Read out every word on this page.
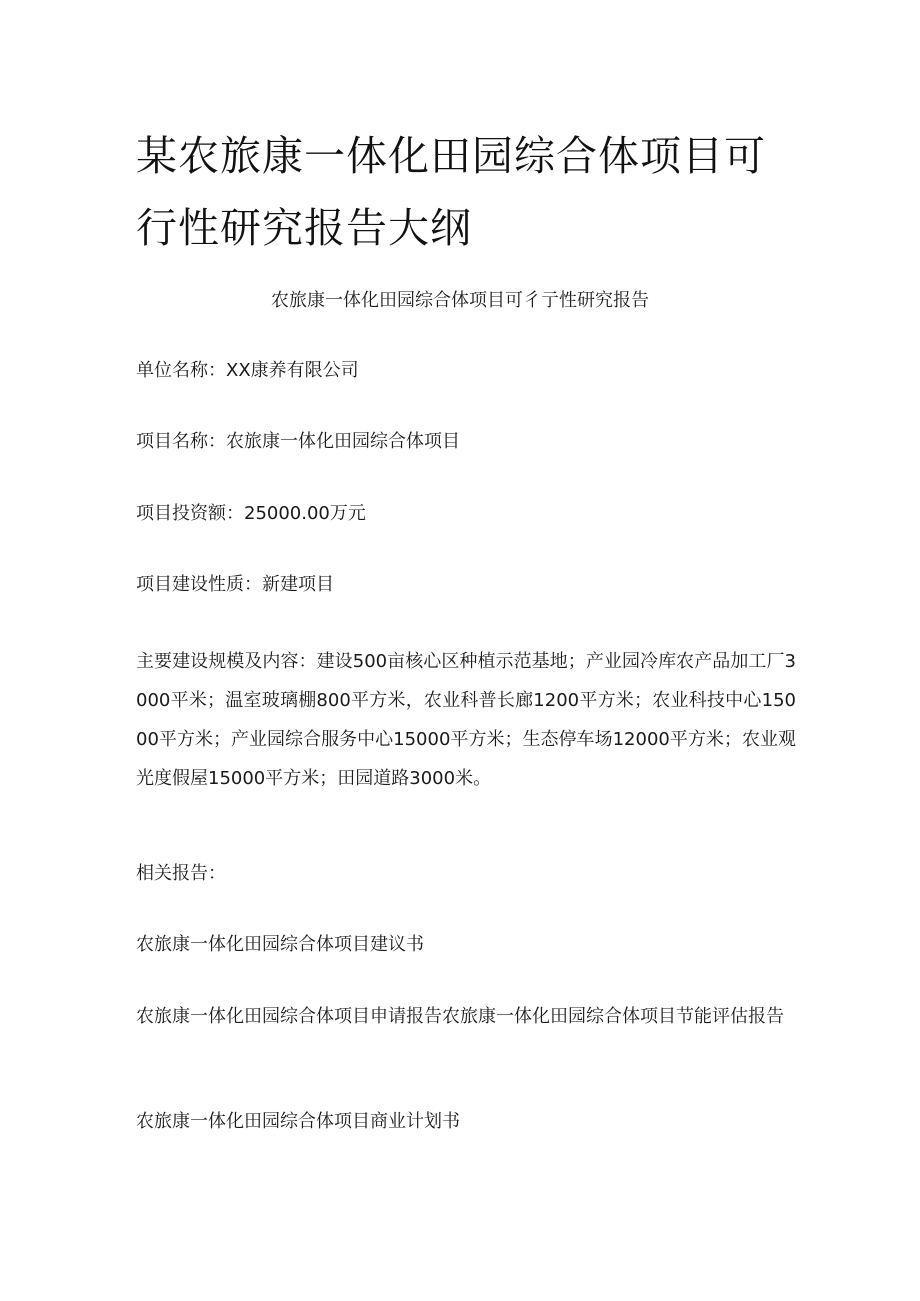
某农旅康一体化田园综合体项目可行性研究报告大纲
农旅康一体化田园综合体项目可彳亍性研究报告
单位名称：XX康养有限公司
项目名称：农旅康一体化田园综合体项目
项目投资额：25000.00万元
项目建设性质：新建项目
主要建设规模及内容：建设500亩核心区种植示范基地；产业园冷库农产品加工厂3000平米；温室玻璃棚800平方米，农业科普长廊1200平方米；农业科技中心15000平方米；产业园综合服务中心15000平方米；生态停车场12000平方米；农业观光度假屋15000平方米；田园道路3000米。
相关报告：
农旅康一体化田园综合体项目建议书
农旅康一体化田园综合体项目申请报告农旅康一体化田园综合体项目节能评估报告
农旅康一体化田园综合体项目商业计划书
